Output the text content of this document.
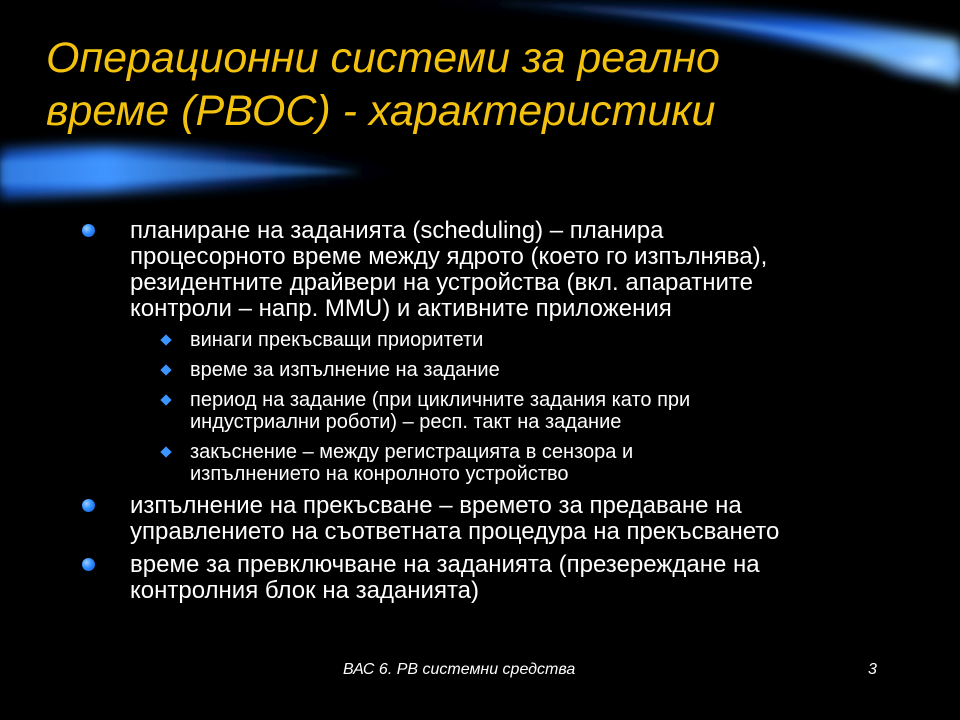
Операционни системи за реално
време (РВОС) - характеристики
планиране на заданията (scheduling) – планира
процесорното време между ядрото (което го изпълнява),
резидентните драйвери на устройства (вкл. апаратните
контроли – напр. MMU) и активните приложения
винаги прекъсващи приоритети
време за изпълнение на задание
период на задание (при цикличните задания като при
индустриални роботи) – респ. такт на задание
закъснение – между регистрацията в сензора и
изпълнението на конролното устройство
изпълнение на прекъсване – времето за предаване на
управлението на съответната процедура на прекъсването
време за превключване на заданията (презереждане на
контролния блок на заданията)
ВАС 6. РВ системни средства	3
